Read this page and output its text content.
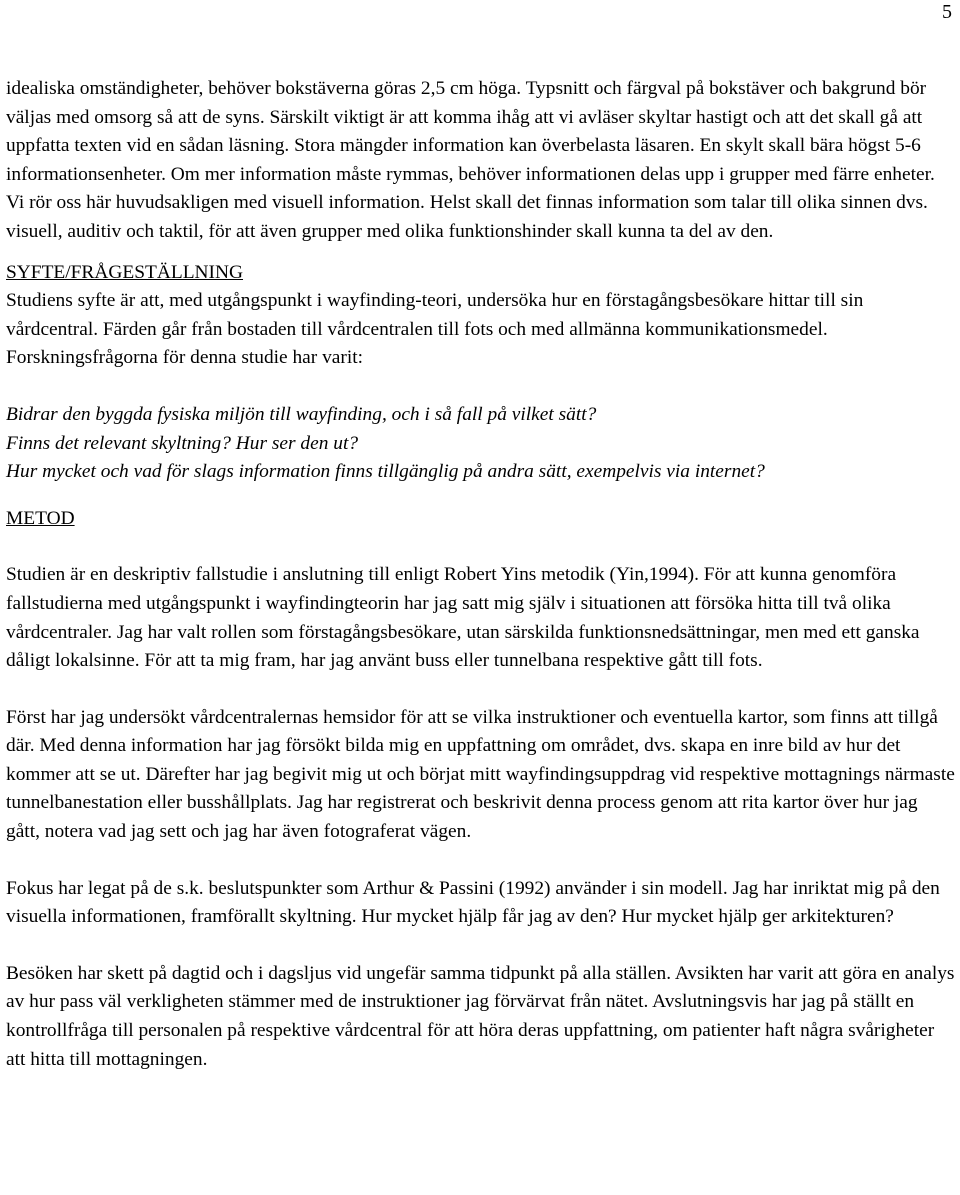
5

idealiska omständigheter, behöver bokstäverna göras 2,5 cm höga. Typsnitt och färgval på bokstäver och bakgrund bör väljas med omsorg så att de syns. Särskilt viktigt är att komma ihåg att vi avläser skyltar hastigt och att det skall gå att uppfatta texten vid en sådan läsning. Stora mängder information kan överbelasta läsaren. En skylt skall bära högst 5-6 informationsenheter. Om mer information måste rymmas, behöver informationen delas upp i grupper med färre enheter. Vi rör oss här huvudsakligen med visuell information. Helst skall det finnas information som talar till olika sinnen dvs. visuell, auditiv och taktil, för att även grupper med olika funktionshinder skall kunna ta del av den.

SYFTE/FRÅGESTÄLLNING

Studiens syfte är att, med utgångspunkt i wayfinding-teori, undersöka hur en förstagångsbesökare hittar till sin vårdcentral. Färden går från bostaden till vårdcentralen till fots och med allmänna kommunikationsmedel. Forskningsfrågorna för denna studie har varit:

Bidrar den byggda fysiska miljön till wayfinding, och i så fall på vilket sätt?

Finns det relevant skyltning? Hur ser den ut?

Hur mycket och vad för slags information finns tillgänglig på andra sätt, exempelvis via internet?

METOD

Studien är en deskriptiv fallstudie i anslutning till enligt Robert Yins metodik (Yin,1994). För att kunna genomföra fallstudierna med utgångspunkt i wayfindingteorin har jag satt mig själv i situationen att försöka hitta till två olika vårdcentraler. Jag har valt rollen som förstagångsbesökare, utan särskilda funktionsnedsättningar, men med ett ganska dåligt lokalsinne. För att ta mig fram, har jag använt buss eller tunnelbana respektive gått till fots.

Först har jag undersökt vårdcentralernas hemsidor för att se vilka instruktioner och eventuella kartor, som finns att tillgå där. Med denna information har jag försökt bilda mig en uppfattning om området, dvs. skapa en inre bild av hur det kommer att se ut. Därefter har jag begivit mig ut och börjat mitt wayfindingsuppdrag vid respektive mottagnings närmaste tunnelbanestation eller busshållplats. Jag har registrerat och beskrivit denna process genom att rita kartor över hur jag gått, notera vad jag sett och jag har även fotograferat vägen.

Fokus har legat på de s.k. beslutspunkter som Arthur & Passini (1992) använder i sin modell. Jag har inriktat mig på den visuella informationen, framförallt skyltning. Hur mycket hjälp får jag av den? Hur mycket hjälp ger arkitekturen?

Besöken har skett på dagtid och i dagsljus vid ungefär samma tidpunkt på alla ställen. Avsikten har varit att göra en analys av hur pass väl verkligheten stämmer med de instruktioner jag förvärvat från nätet. Avslutningsvis har jag på ställt en kontrollfråga till personalen på respektive vårdcentral för att höra deras uppfattning, om patienter haft några svårigheter att hitta till mottagningen.
